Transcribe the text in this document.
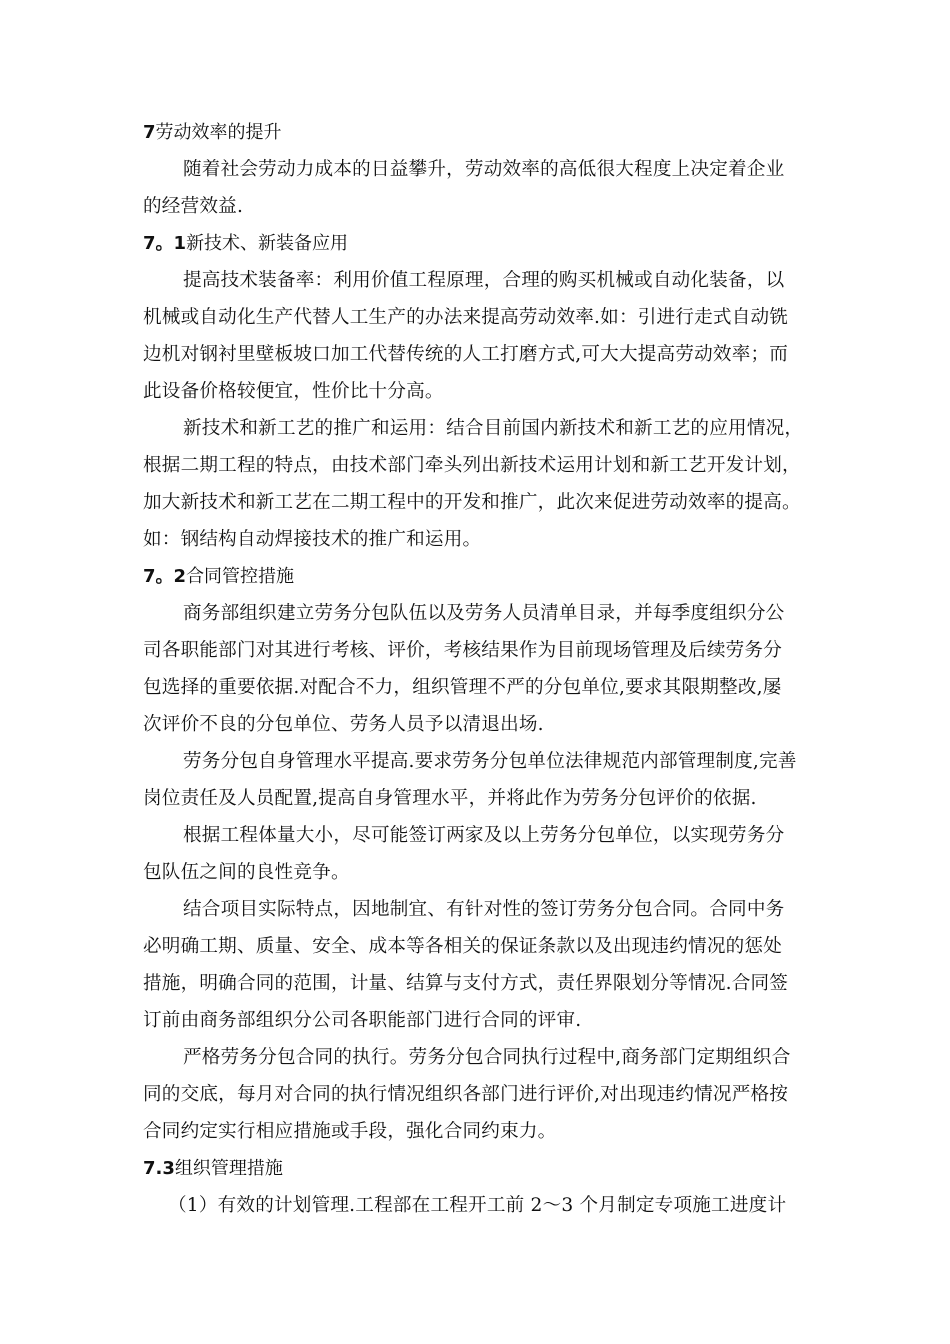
7劳动效率的提升
随着社会劳动力成本的日益攀升，劳动效率的高低很大程度上决定着企业
的经营效益.
7。1新技术、新装备应用
提高技术装备率：利用价值工程原理，合理的购买机械或自动化装备，以
机械或自动化生产代替人工生产的办法来提高劳动效率.如：引进行走式自动铣
边机对钢衬里壁板坡口加工代替传统的人工打磨方式,可大大提高劳动效率；而
此设备价格较便宜，性价比十分高。
新技术和新工艺的推广和运用：结合目前国内新技术和新工艺的应用情况，
根据二期工程的特点，由技术部门牵头列出新技术运用计划和新工艺开发计划，
加大新技术和新工艺在二期工程中的开发和推广，此次来促进劳动效率的提高。
如：钢结构自动焊接技术的推广和运用。
7。2合同管控措施
商务部组织建立劳务分包队伍以及劳务人员清单目录，并每季度组织分公
司各职能部门对其进行考核、评价，考核结果作为目前现场管理及后续劳务分
包选择的重要依据.对配合不力，组织管理不严的分包单位,要求其限期整改,屡
次评价不良的分包单位、劳务人员予以清退出场.
劳务分包自身管理水平提高.要求劳务分包单位法律规范内部管理制度,完善
岗位责任及人员配置,提高自身管理水平，并将此作为劳务分包评价的依据.
根据工程体量大小，尽可能签订两家及以上劳务分包单位，以实现劳务分
包队伍之间的良性竞争。
结合项目实际特点，因地制宜、有针对性的签订劳务分包合同。合同中务
必明确工期、质量、安全、成本等各相关的保证条款以及出现违约情况的惩处
措施，明确合同的范围，计量、结算与支付方式，责任界限划分等情况.合同签
订前由商务部组织分公司各职能部门进行合同的评审.
严格劳务分包合同的执行。劳务分包合同执行过程中,商务部门定期组织合
同的交底，每月对合同的执行情况组织各部门进行评价,对出现违约情况严格按
合同约定实行相应措施或手段，强化合同约束力。
7.3组织管理措施
（1）有效的计划管理.工程部在工程开工前 2～3 个月制定专项施工进度计
